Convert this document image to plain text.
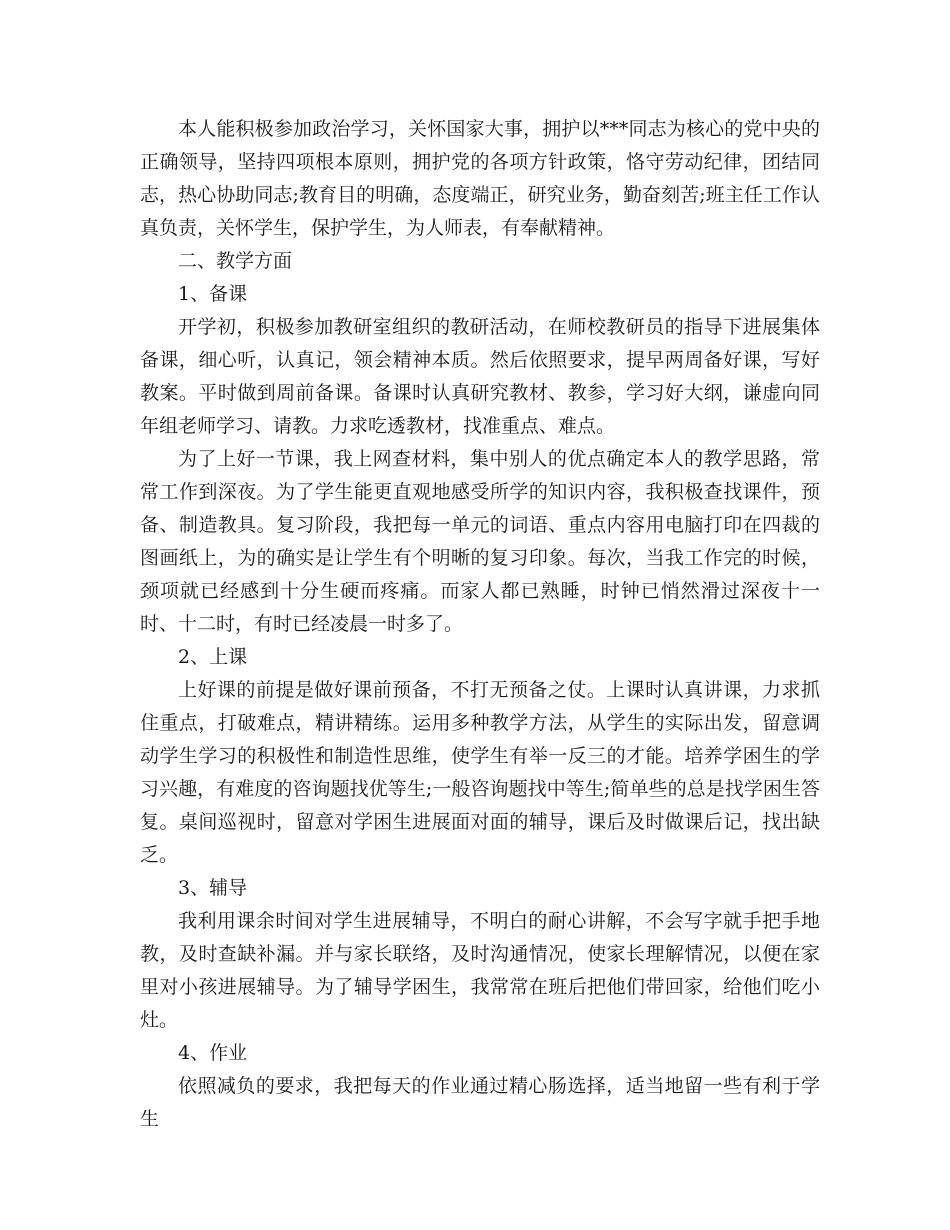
本人能积极参加政治学习，关怀国家大事，拥护以***同志为核心的党中央的正确领导，坚持四项根本原则，拥护党的各项方针政策，恪守劳动纪律，团结同志，热心协助同志;教育目的明确，态度端正，研究业务，勤奋刻苦;班主任工作认真负责，关怀学生，保护学生，为人师表，有奉献精神。

二、教学方面

1、备课

开学初，积极参加教研室组织的教研活动，在师校教研员的指导下进展集体备课，细心听，认真记，领会精神本质。然后依照要求，提早两周备好课，写好教案。平时做到周前备课。备课时认真研究教材、教参，学习好大纲，谦虚向同年组老师学习、请教。力求吃透教材，找准重点、难点。

为了上好一节课，我上网查材料，集中别人的优点确定本人的教学思路，常常工作到深夜。为了学生能更直观地感受所学的知识内容，我积极查找课件，预备、制造教具。复习阶段，我把每一单元的词语、重点内容用电脑打印在四裁的图画纸上，为的确实是让学生有个明晰的复习印象。每次，当我工作完的时候，颈项就已经感到十分生硬而疼痛。而家人都已熟睡，时钟已悄然滑过深夜十一时、十二时，有时已经凌晨一时多了。

2、上课

上好课的前提是做好课前预备，不打无预备之仗。上课时认真讲课，力求抓住重点，打破难点，精讲精练。运用多种教学方法，从学生的实际出发，留意调动学生学习的积极性和制造性思维，使学生有举一反三的才能。培养学困生的学习兴趣，有难度的咨询题找优等生;一般咨询题找中等生;简单些的总是找学困生答复。桌间巡视时，留意对学困生进展面对面的辅导，课后及时做课后记，找出缺乏。

3、辅导

我利用课余时间对学生进展辅导，不明白的耐心讲解，不会写字就手把手地教，及时查缺补漏。并与家长联络，及时沟通情况，使家长理解情况，以便在家里对小孩进展辅导。为了辅导学困生，我常常在班后把他们带回家，给他们吃小灶。

4、作业

依照减负的要求，我把每天的作业通过精心肠选择，适当地留一些有利于学生
